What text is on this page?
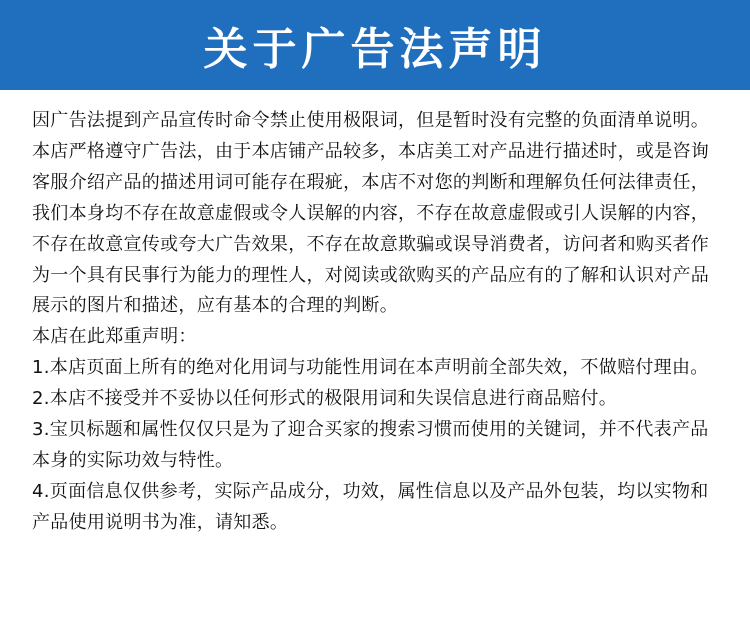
关于广告法声明

因广告法提到产品宣传时命令禁止使用极限词，但是暂时没有完整的负面清单说明。

本店严格遵守广告法，由于本店铺产品较多，本店美工对产品进行描述时，或是咨询客服介绍产品的描述用词可能存在瑕疵，本店不对您的判断和理解负任何法律责任，我们本身均不存在故意虚假或令人误解的内容，不存在故意虚假或引人误解的内容，不存在故意宣传或夸大广告效果，不存在故意欺骗或误导消费者，访问者和购买者作为一个具有民事行为能力的理性人，对阅读或欲购买的产品应有的了解和认识对产品展示的图片和描述，应有基本的合理的判断。

本店在此郑重声明：

1.本店页面上所有的绝对化用词与功能性用词在本声明前全部失效，不做赔付理由。

2.本店不接受并不妥协以任何形式的极限用词和失误信息进行商品赔付。

3.宝贝标题和属性仅仅只是为了迎合买家的搜索习惯而使用的关键词，并不代表产品本身的实际功效与特性。

4.页面信息仅供参考，实际产品成分，功效，属性信息以及产品外包装，均以实物和产品使用说明书为准，请知悉。
